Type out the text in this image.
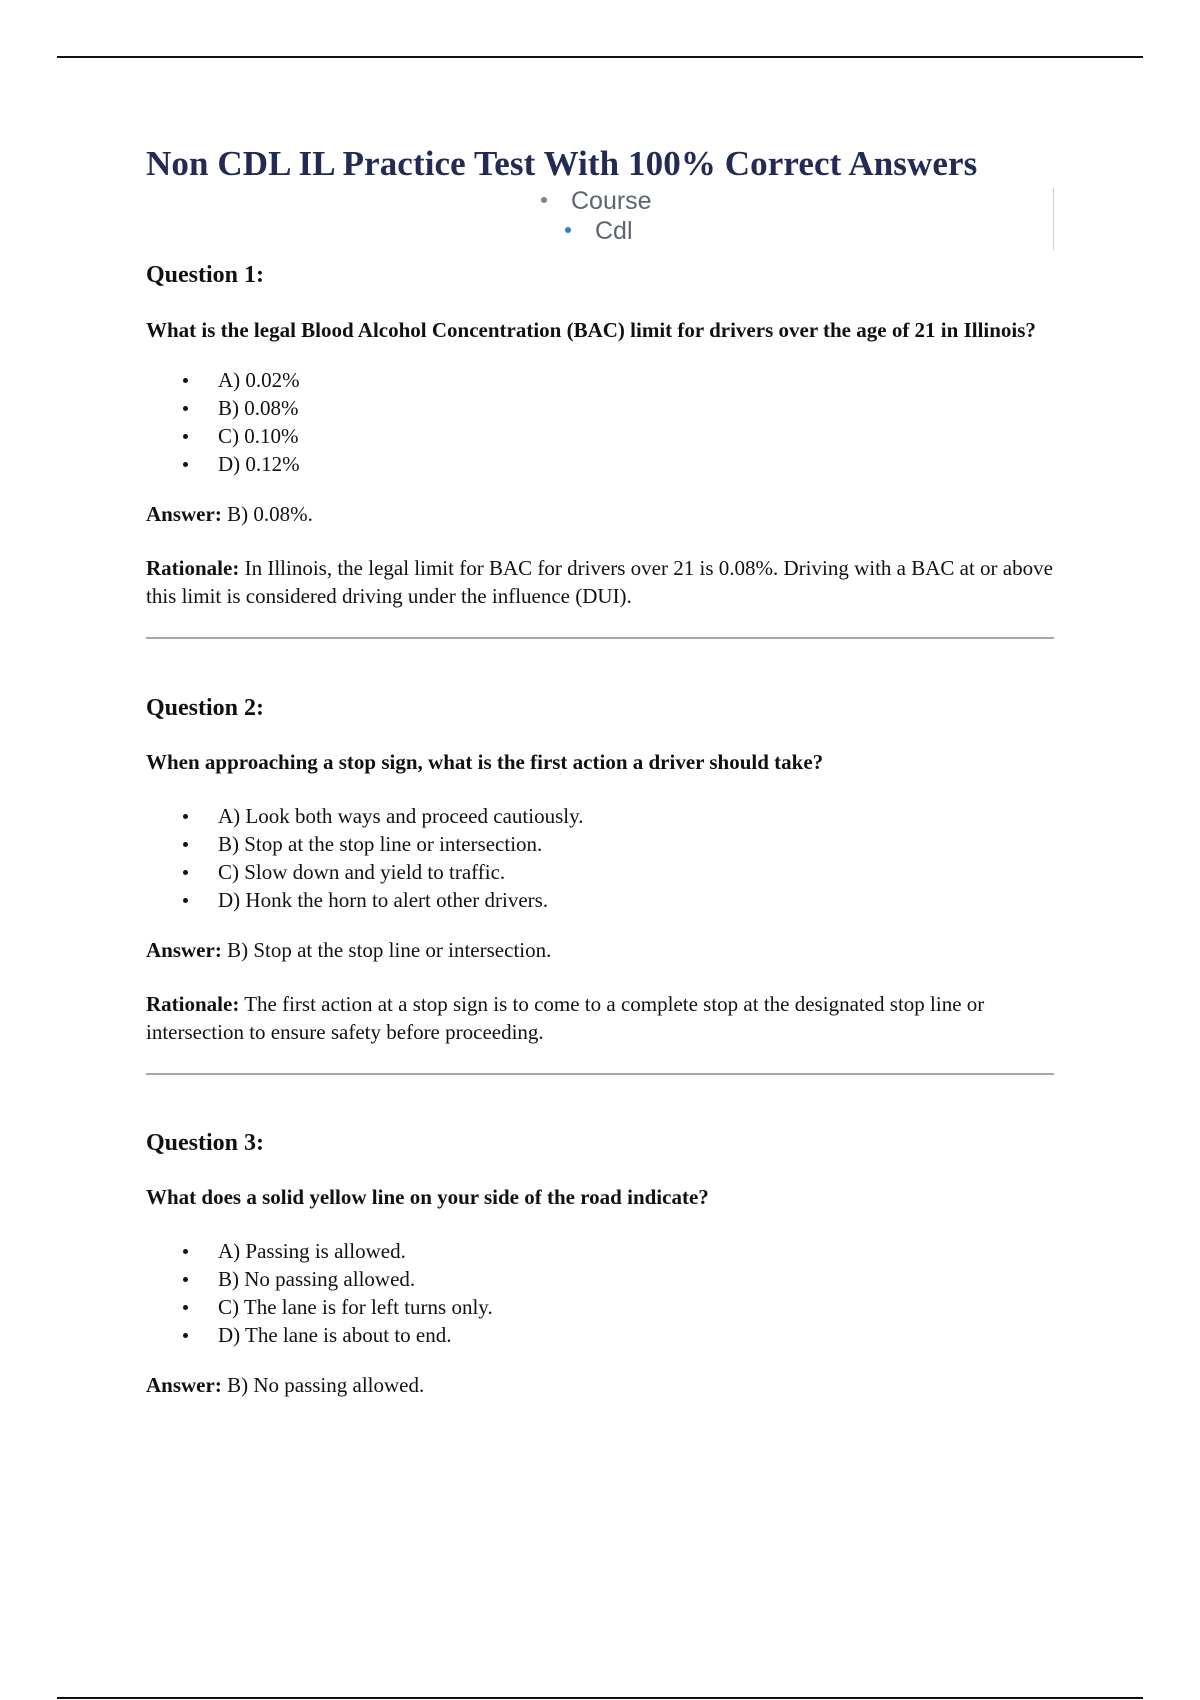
Non CDL IL Practice Test With 100% Correct Answers
Course
Cdl
Question 1:

What is the legal Blood Alcohol Concentration (BAC) limit for drivers over the age of 21 in Illinois?

A) 0.02%
B) 0.08%
C) 0.10%
D) 0.12%

Answer: B) 0.08%.

Rationale: In Illinois, the legal limit for BAC for drivers over 21 is 0.08%. Driving with a BAC at or above this limit is considered driving under the influence (DUI).

Question 2:

When approaching a stop sign, what is the first action a driver should take?

A) Look both ways and proceed cautiously.
B) Stop at the stop line or intersection.
C) Slow down and yield to traffic.
D) Honk the horn to alert other drivers.

Answer: B) Stop at the stop line or intersection.

Rationale: The first action at a stop sign is to come to a complete stop at the designated stop line or intersection to ensure safety before proceeding.

Question 3:

What does a solid yellow line on your side of the road indicate?

A) Passing is allowed.
B) No passing allowed.
C) The lane is for left turns only.
D) The lane is about to end.

Answer: B) No passing allowed.
